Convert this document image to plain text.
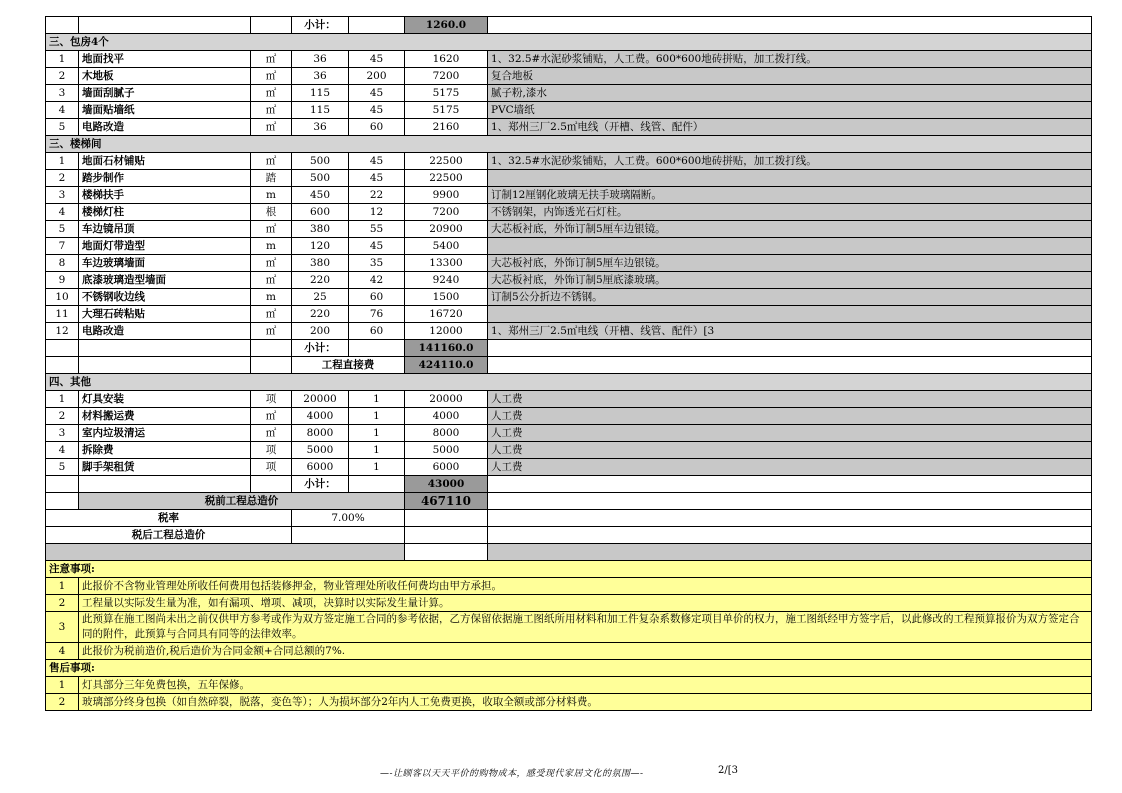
			小计：		1260.0	
三、包房4个						
1	地面找平	㎡	36	45	1620	1、32.5#水泥砂浆铺贴，人工费。600*600地砖拼贴，加工拨打线。
2	木地板	㎡	36	200	7200	复合地板
3	墙面刮腻子	㎡	115	45	5175	腻子粉,漆水
4	墙面贴墙纸	㎡	115	45	5175	PVC墙纸
5	电路改造	㎡	36	60	2160	1、郑州三厂2.5㎡电线（开槽、线管、配件）
三、楼梯间						
1	地面石材铺贴	㎡	500	45	22500	1、32.5#水泥砂浆铺贴，人工费。600*600地砖拼贴，加工拨打线。
2	踏步制作	踏	500	45	22500	
3	楼梯扶手	m	450	22	9900	订制12厘钢化玻璃无扶手玻璃隔断。
4	楼梯灯柱	根	600	12	7200	不锈钢架，内饰透光石灯柱。
5	车边镜吊顶	㎡	380	55	20900	大芯板衬底，外饰订制5厘车边银镜。
7	地面灯带造型	m	120	45	5400	
8	车边玻璃墙面	㎡	380	35	13300	大芯板衬底，外饰订制5厘车边银镜。
9	底漆玻璃造型墙面	㎡	220	42	9240	大芯板衬底，外饰订制5厘底漆玻璃。
10	不锈钢收边线	m	25	60	1500	订制5公分折边不锈钢。
11	大理石砖粘贴	㎡	220	76	16720	
12	电路改造	㎡	200	60	12000	1、郑州三厂2.5㎡电线（开槽、线管、配件）[3
			小计：		141160.0	
			工程直接费		424110.0	
四、其他						
1	灯具安装	项	20000	1	20000	人工费
2	材料搬运费	㎡	4000	1	4000	人工费
3	室内垃圾清运	㎡	8000	1	8000	人工费
4	拆除费	项	5000	1	5000	人工费
5	脚手架租赁	项	6000	1	6000	人工费
			小计：		43000	
	税前工程总造价				467110	
税率			7.00%			
税后工程总造价						

注意事项:						
1	此报价不含物业管理处所收任何费用包括装修押金，物业管理处所收任何费均由甲方承担。					
2	工程量以实际发生量为准，如有漏项、增项、减项，决算时以实际发生量计算。					
3	此预算在施工图尚未出之前仅供甲方参考或作为双方签定施工合同的参考依据，乙方保留依据施工图纸所用材料和加工件复杂系数修定项目单价的权力，施工图纸经甲方签字后，以此修改的工程预算报价为双方签定合同的附件，此预算与合同具有同等的法律效率。					
4	此报价为税前造价,税后造价为合同金额+合同总额的7%.					
售后事项:						
1	灯具部分三年免费包换，五年保修。					
2	玻璃部分终身包换（如自然碎裂，脱落，变色等）；人为损坏部分2年内人工免费更换，收取全额或部分材料费。					
—-让顾客以天天平价的购物成本，感受现代家居文化的氛围—-	2/[3
